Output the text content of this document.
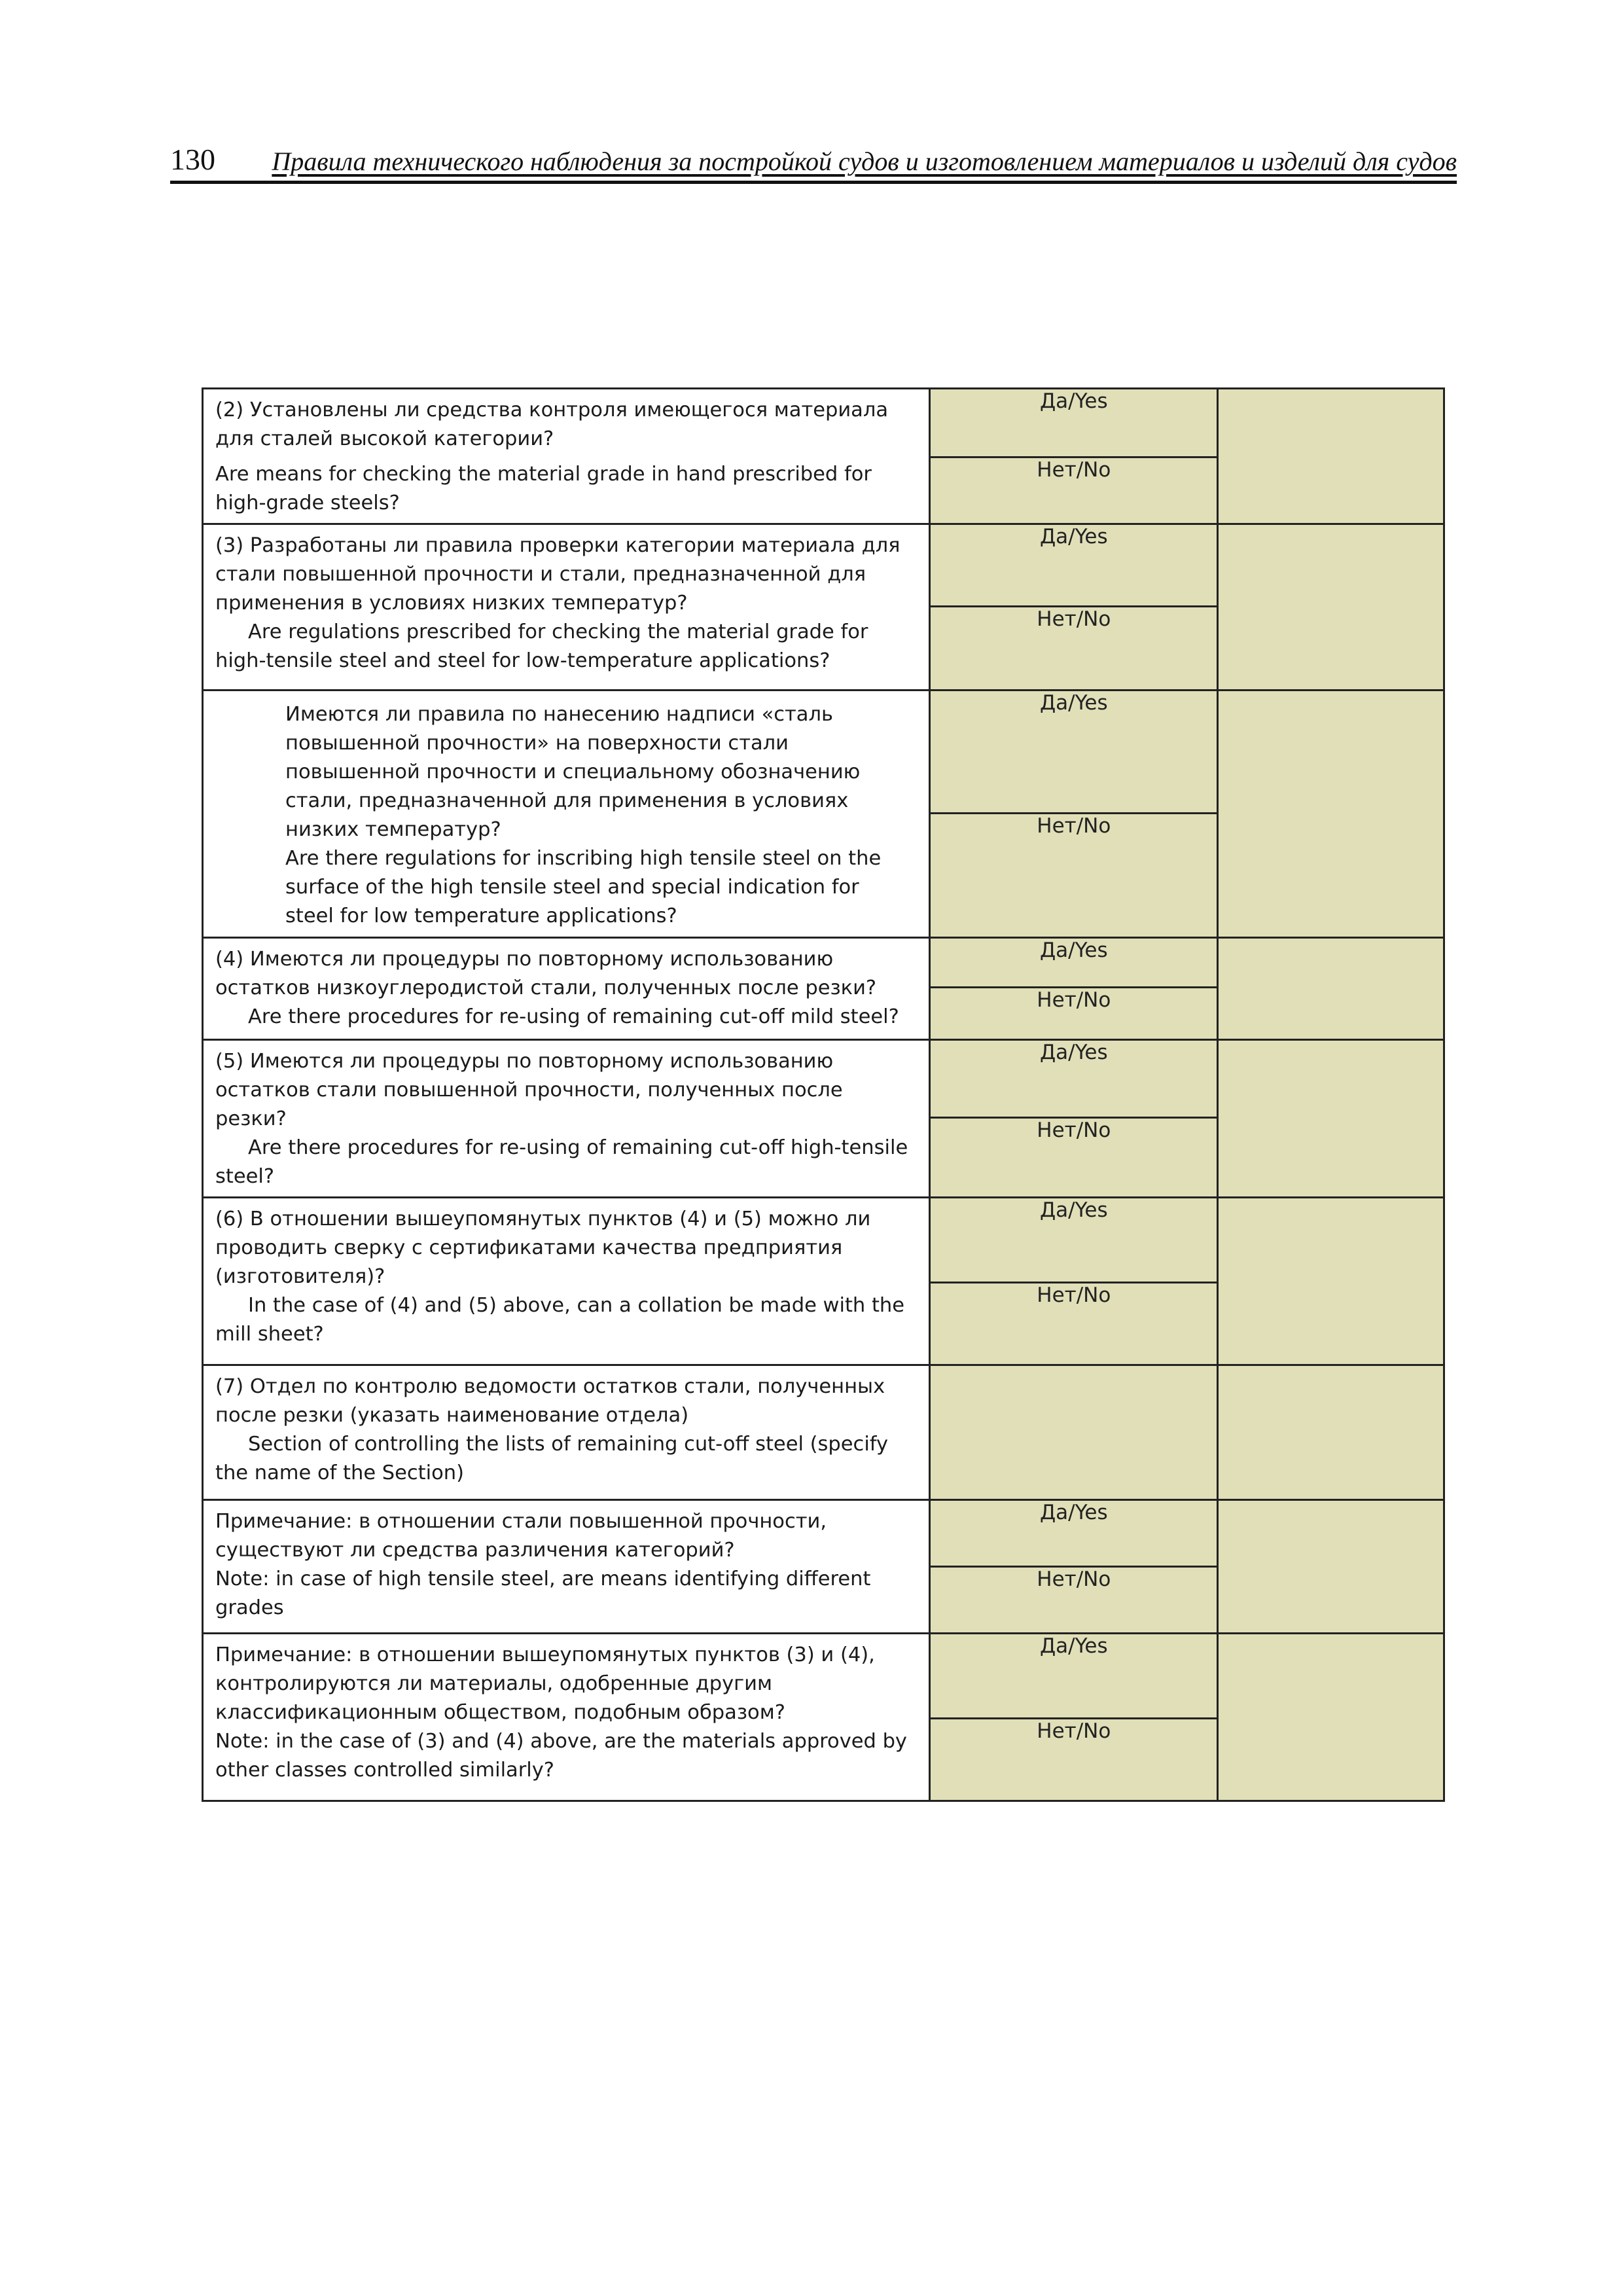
130 Правила технического наблюдения за постройкой судов и изготовлением материалов и изделий для судов

(2) Установлены ли средства контроля имеющегося материала для сталей высокой категории?

Are means for checking the material grade in hand prescribed for high-grade steels?	Да/Yes	
	Нет/No	

(3) Разработаны ли правила проверки категории материала для стали повышенной прочности и стали, предназначенной для применения в условиях низких температур?

Are regulations prescribed for checking the material grade for high-tensile steel and steel for low-temperature applications?	Да/Yes	
	Нет/No	

Имеются ли правила по нанесению надписи «сталь повышенной прочности» на поверхности стали повышенной прочности и специальному обозначению стали, предназначенной для применения в условиях низких температур?

Are there regulations for inscribing high tensile steel on the surface of the high tensile steel and special indication for steel for low temperature applications?	Да/Yes	
	Нет/No	

(4) Имеются ли процедуры по повторному использованию остатков низкоуглеродистой стали, полученных после резки?

Are there procedures for re-using of remaining cut-off mild steel?	Да/Yes	
	Нет/No	

(5) Имеются ли процедуры по повторному использованию остатков стали повышенной прочности, полученных после резки?

Are there procedures for re-using of remaining cut-off high-tensile steel?	Да/Yes	
	Нет/No	

(6) В отношении вышеупомянутых пунктов (4) и (5) можно ли проводить сверку с сертификатами качества предприятия (изготовителя)?

In the case of (4) and (5) above, can a collation be made with the mill sheet?	Да/Yes	
	Нет/No	

(7) Отдел по контролю ведомости остатков стали, полученных после резки (указать наименование отдела)

Section of controlling the lists of remaining cut-off steel (specify the name of the Section)		

Примечание: в отношении стали повышенной прочности, существуют ли средства различения категорий?

Note: in case of high tensile steel, are means identifying different grades	Да/Yes	
	Нет/No	

Примечание: в отношении вышеупомянутых пунктов (3) и (4), контролируются ли материалы, одобренные другим классификационным обществом, подобным образом?

Note: in the case of (3) and (4) above, are the materials approved by other classes controlled similarly?	Да/Yes	
	Нет/No	
